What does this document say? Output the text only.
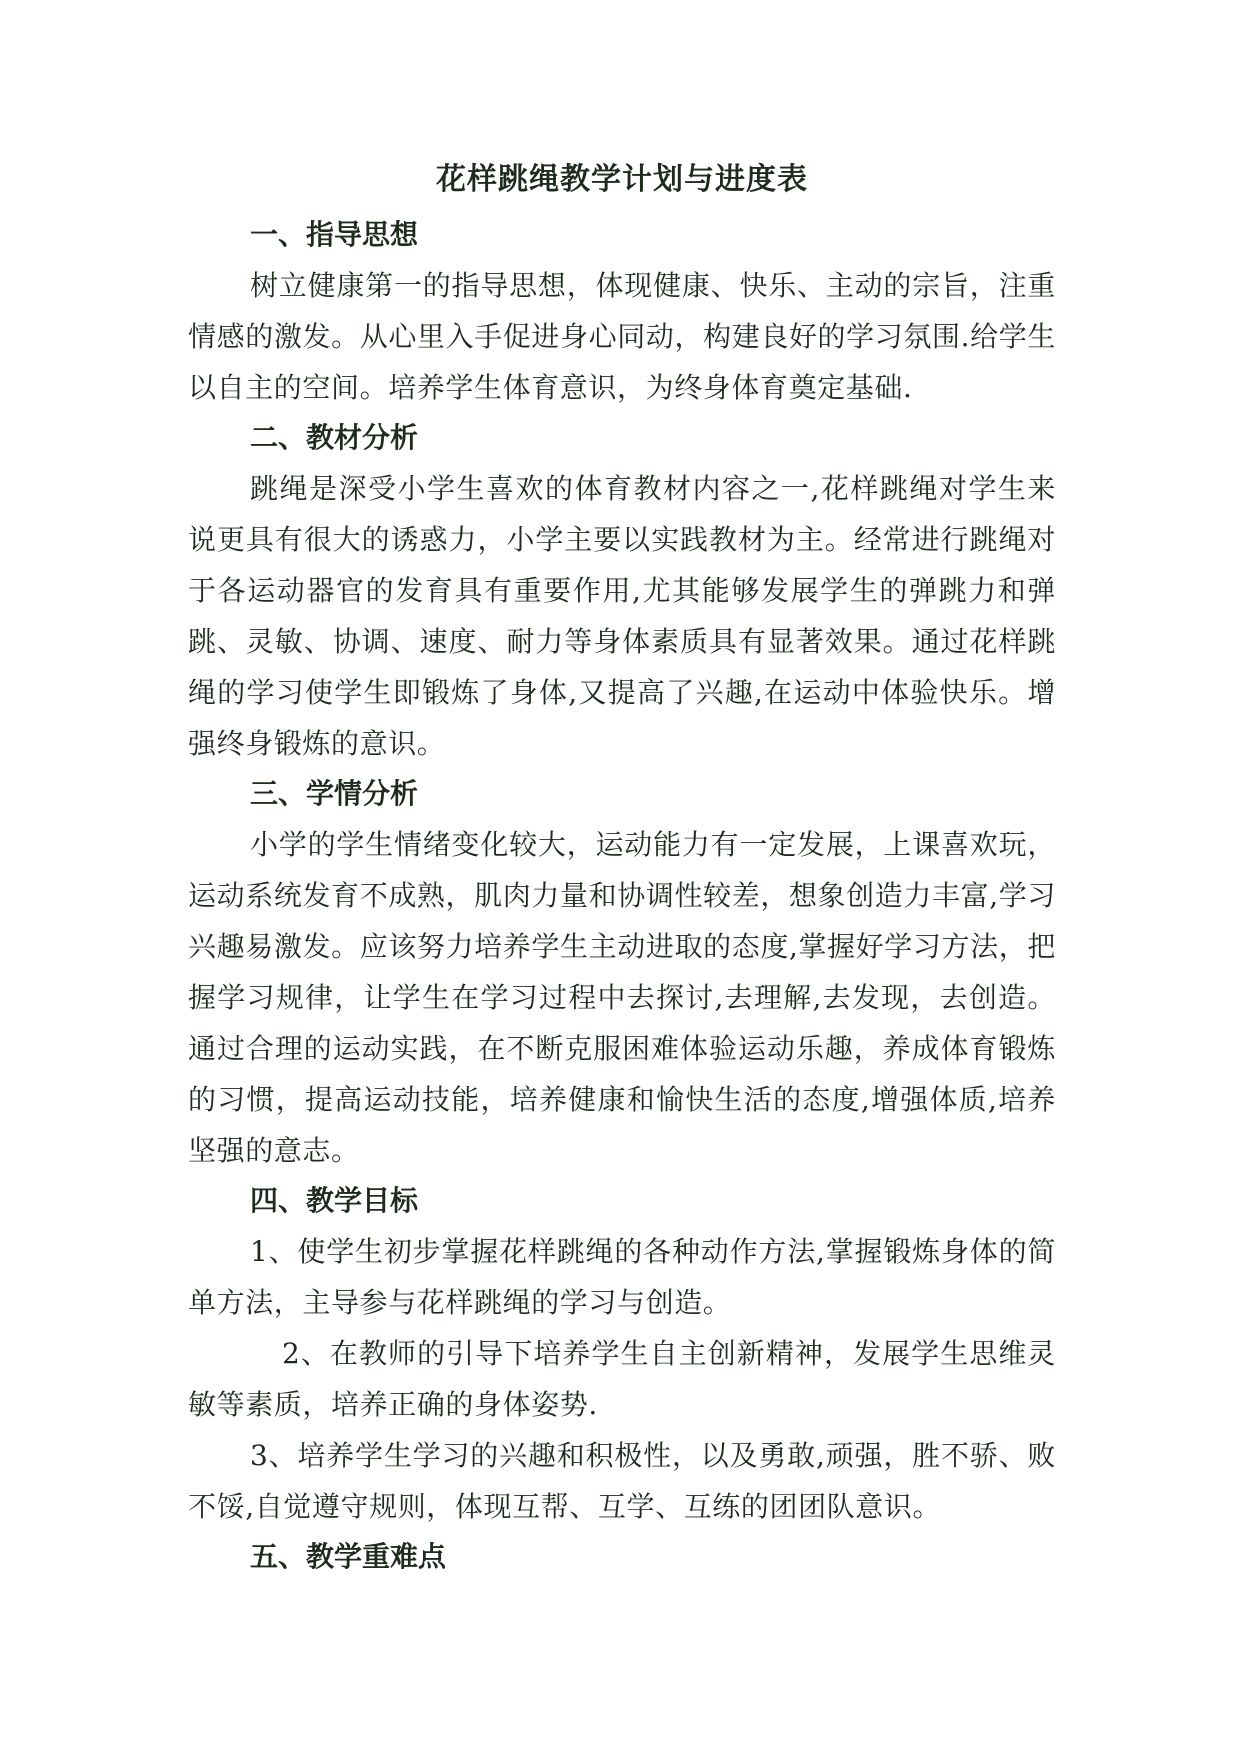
花样跳绳教学计划与进度表
一、指导思想

树立健康第一的指导思想，体现健康、快乐、主动的宗旨，注重情感的激发。从心里入手促进身心同动，构建良好的学习氛围.给学生以自主的空间。培养学生体育意识，为终身体育奠定基础.

二、教材分析

跳绳是深受小学生喜欢的体育教材内容之一,花样跳绳对学生来说更具有很大的诱惑力，小学主要以实践教材为主。经常进行跳绳对于各运动器官的发育具有重要作用,尤其能够发展学生的弹跳力和弹跳、灵敏、协调、速度、耐力等身体素质具有显著效果。通过花样跳绳的学习使学生即锻炼了身体,又提高了兴趣,在运动中体验快乐。增强终身锻炼的意识。

三、学情分析

小学的学生情绪变化较大，运动能力有一定发展，上课喜欢玩，运动系统发育不成熟，肌肉力量和协调性较差，想象创造力丰富,学习兴趣易激发。应该努力培养学生主动进取的态度,掌握好学习方法，把握学习规律，让学生在学习过程中去探讨,去理解,去发现，去创造。通过合理的运动实践，在不断克服困难体验运动乐趣，养成体育锻炼的习惯，提高运动技能，培养健康和愉快生活的态度,增强体质,培养坚强的意志。

四、教学目标

1、使学生初步掌握花样跳绳的各种动作方法,掌握锻炼身体的简单方法，主导参与花样跳绳的学习与创造。

2、在教师的引导下培养学生自主创新精神，发展学生思维灵敏等素质，培养正确的身体姿势.

3、培养学生学习的兴趣和积极性，以及勇敢,顽强，胜不骄、败不馁,自觉遵守规则，体现互帮、互学、互练的团团队意识。

五、教学重难点
